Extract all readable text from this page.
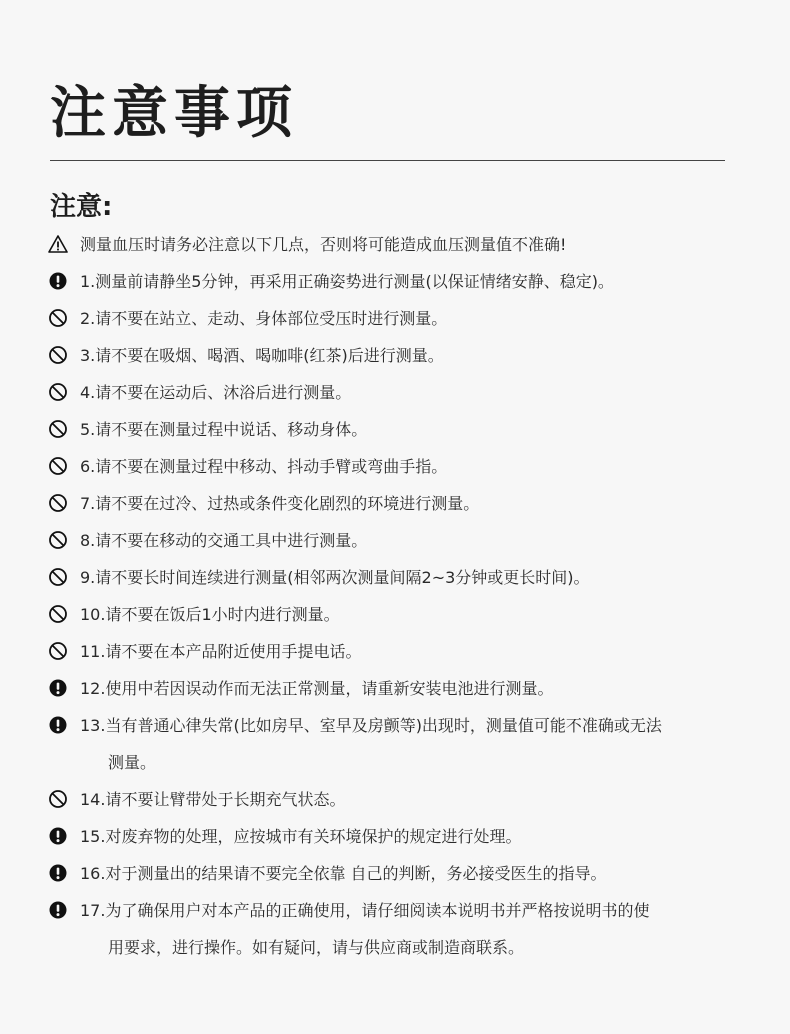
注意事项
注意:
测量血压时请务必注意以下几点，否则将可能造成血压测量值不准确!
1.测量前请静坐5分钟，再采用正确姿势进行测量(以保证情绪安静、稳定)。
2.请不要在站立、走动、身体部位受压时进行测量。
3.请不要在吸烟、喝酒、喝咖啡(红茶)后进行测量。
4.请不要在运动后、沐浴后进行测量。
5.请不要在测量过程中说话、移动身体。
6.请不要在测量过程中移动、抖动手臂或弯曲手指。
7.请不要在过冷、过热或条件变化剧烈的环境进行测量。
8.请不要在移动的交通工具中进行测量。
9.请不要长时间连续进行测量(相邻两次测量间隔2~3分钟或更长时间)。
10.请不要在饭后1小时内进行测量。
11.请不要在本产品附近使用手提电话。
12.使用中若因误动作而无法正常测量，请重新安装电池进行测量。
13.当有普通心律失常(比如房早、室早及房颤等)出现时，测量值可能不准确或无法
测量。
14.请不要让臂带处于长期充气状态。
15.对废弃物的处理，应按城市有关环境保护的规定进行处理。
16.对于测量出的结果请不要完全依靠 自己的判断，务必接受医生的指导。
17.为了确保用户对本产品的正确使用，请仔细阅读本说明书并严格按说明书的使
用要求，进行操作。如有疑问，请与供应商或制造商联系。
